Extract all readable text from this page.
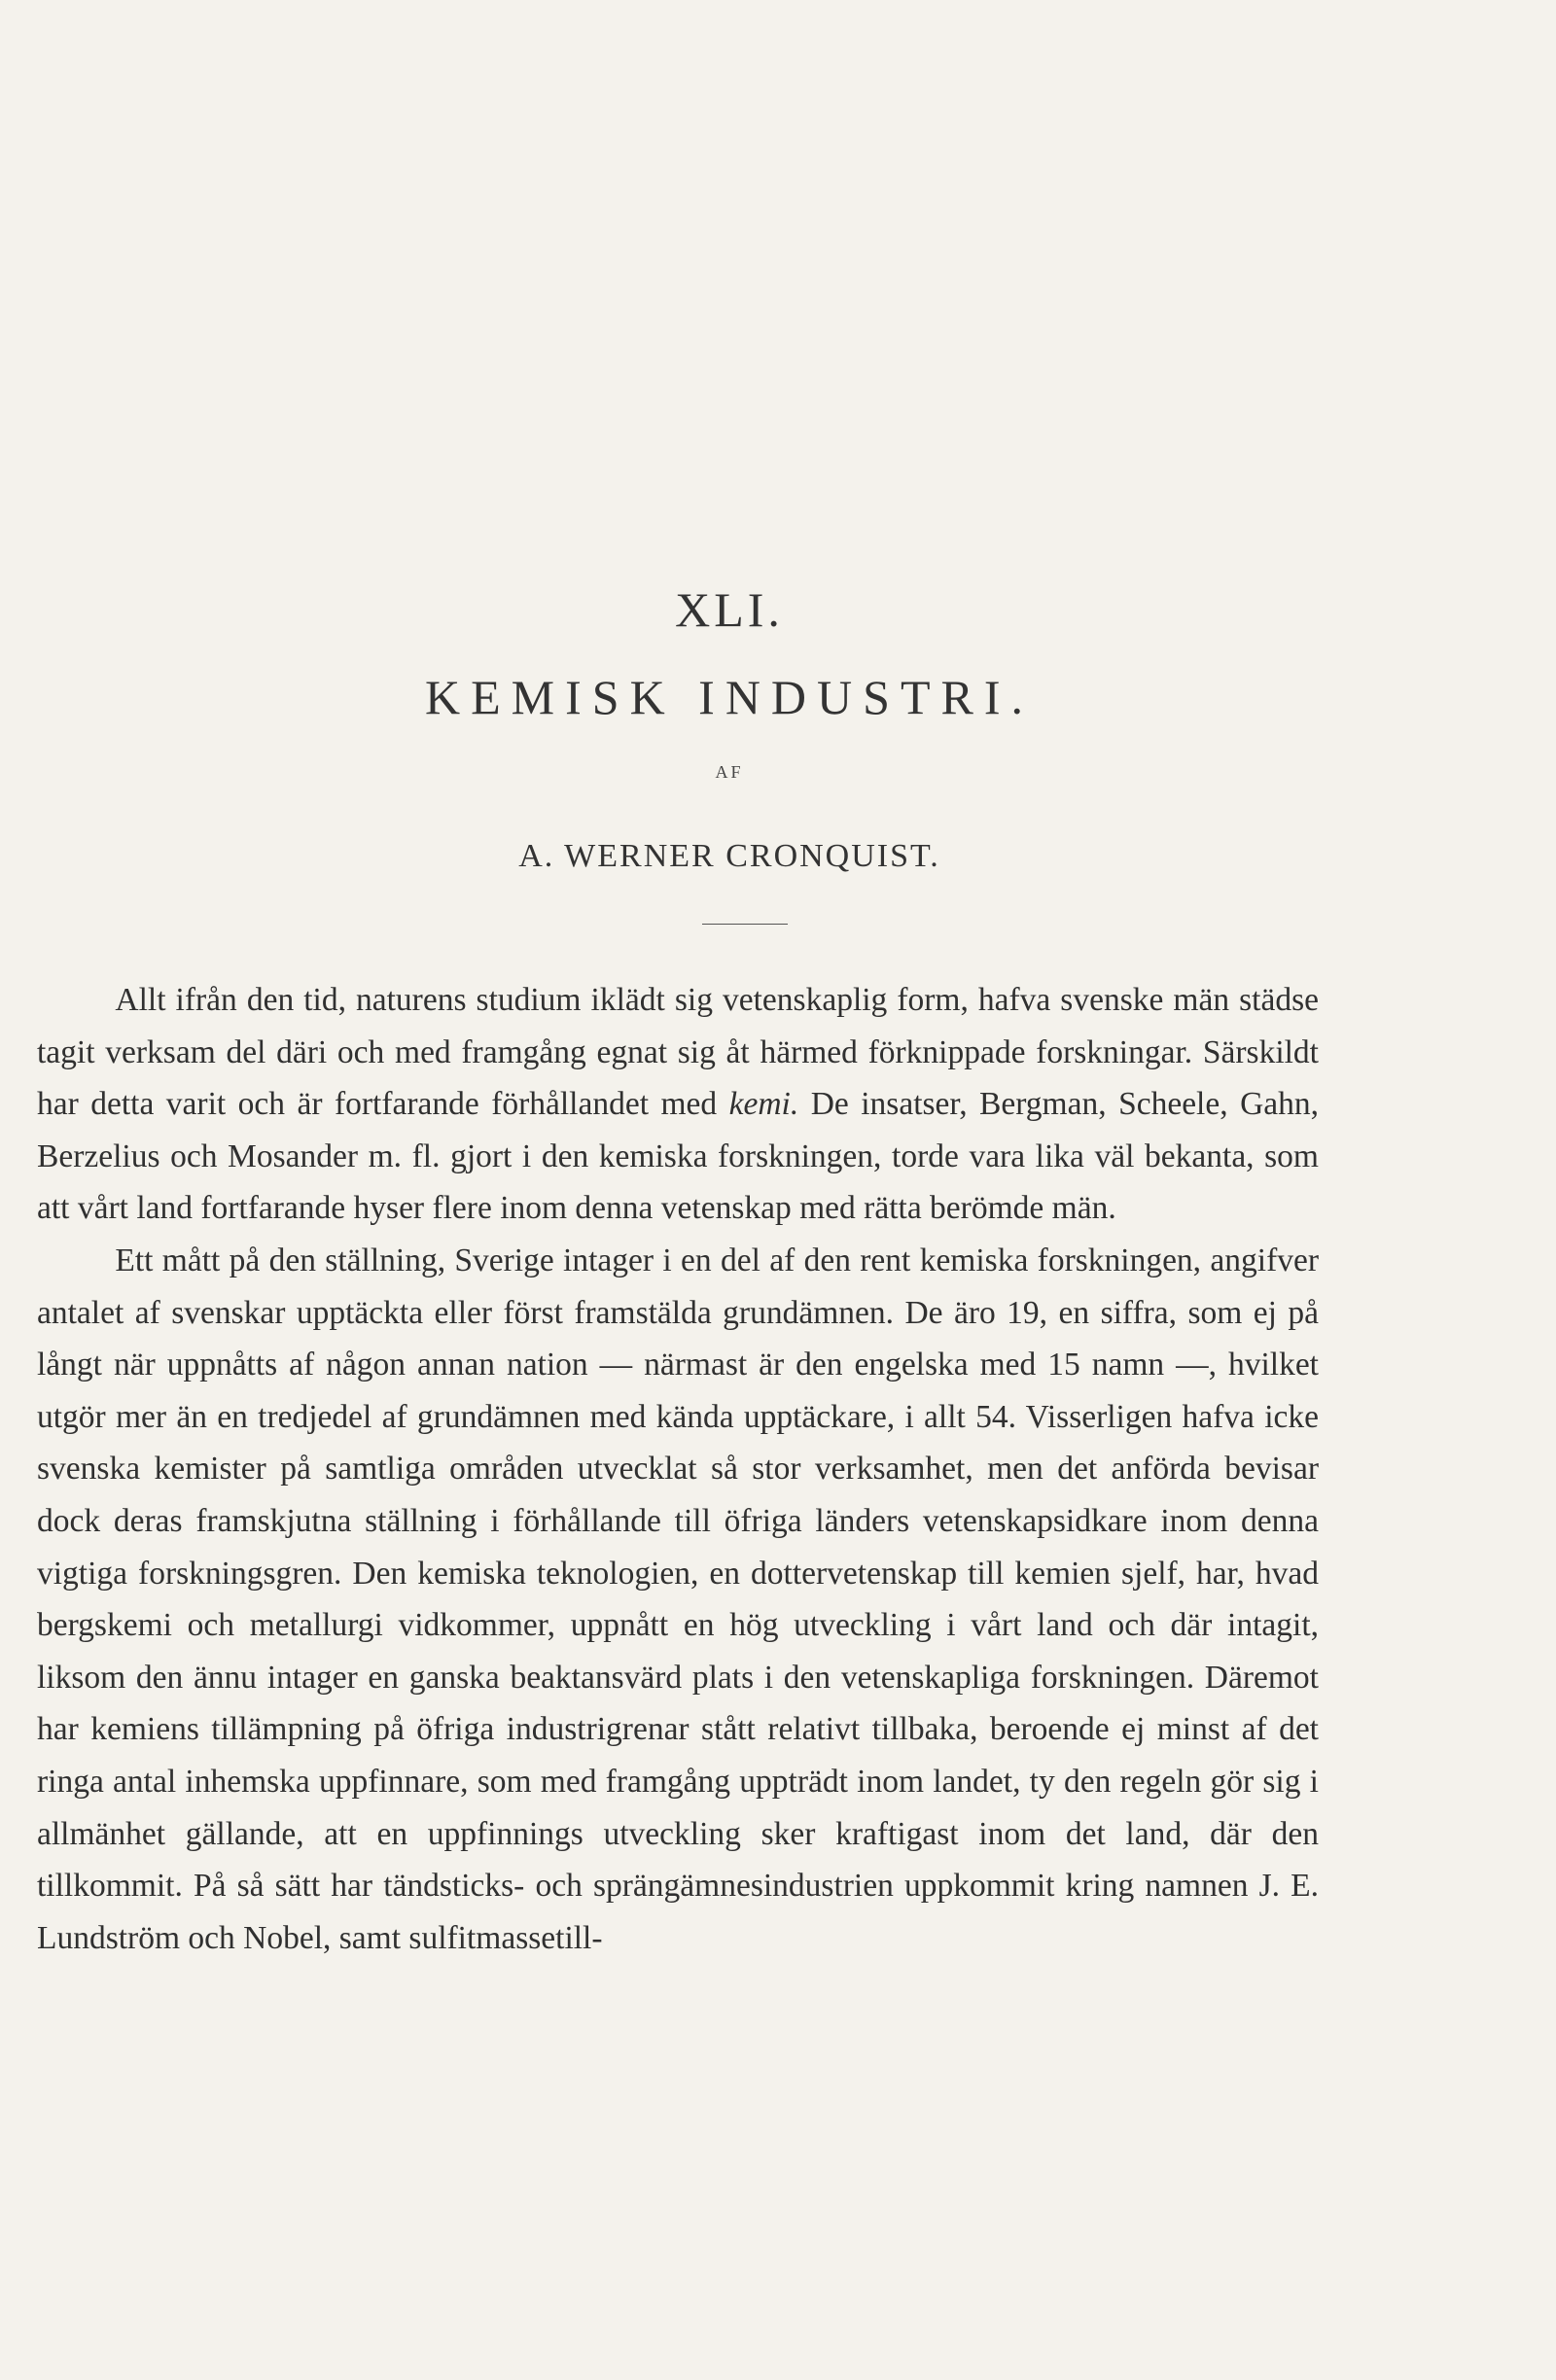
XLI.
KEMISK INDUSTRI.
AF
A. WERNER CRONQUIST.

Allt ifrån den tid, naturens studium iklädt sig vetenskaplig form, hafva svenske män städse tagit verksam del däri och med framgång egnat sig åt härmed förknippade forskningar. Särskildt har detta varit och är fortfarande förhållandet med kemi. De insatser, Bergman, Scheele, Gahn, Berzelius och Mosander m. fl. gjort i den kemiska forskningen, torde vara lika väl bekanta, som att vårt land fortfarande hyser flere inom denna vetenskap med rätta berömde män.

Ett mått på den ställning, Sverige intager i en del af den rent kemiska forskningen, angifver antalet af svenskar upptäckta eller först framstälda grundämnen. De äro 19, en siffra, som ej på långt när uppnåtts af någon annan nation — närmast är den engelska med 15 namn —, hvilket utgör mer än en tredjedel af grundämnen med kända upptäckare, i allt 54. Visserligen hafva icke svenska kemister på samtliga områden utvecklat så stor verksamhet, men det anförda bevisar dock deras framskjutna ställning i förhållande till öfriga länders vetenskapsidkare inom denna vigtiga forskningsgren. Den kemiska teknologien, en dottervetenskap till kemien sjelf, har, hvad bergskemi och metallurgi vidkommer, uppnått en hög utveckling i vårt land och där intagit, liksom den ännu intager en ganska beaktansvärd plats i den vetenskapliga forskningen. Däremot har kemiens tillämpning på öfriga industrigrenar stått relativt tillbaka, beroende ej minst af det ringa antal inhemska uppfinnare, som med framgång uppträdt inom landet, ty den regeln gör sig i allmänhet gällande, att en uppfinnings utveckling sker kraftigast inom det land, där den tillkommit. På så sätt har tändsticks- och sprängämnesindustrien uppkommit kring namnen J. E. Lundström och Nobel, samt sulfitmassetill-
